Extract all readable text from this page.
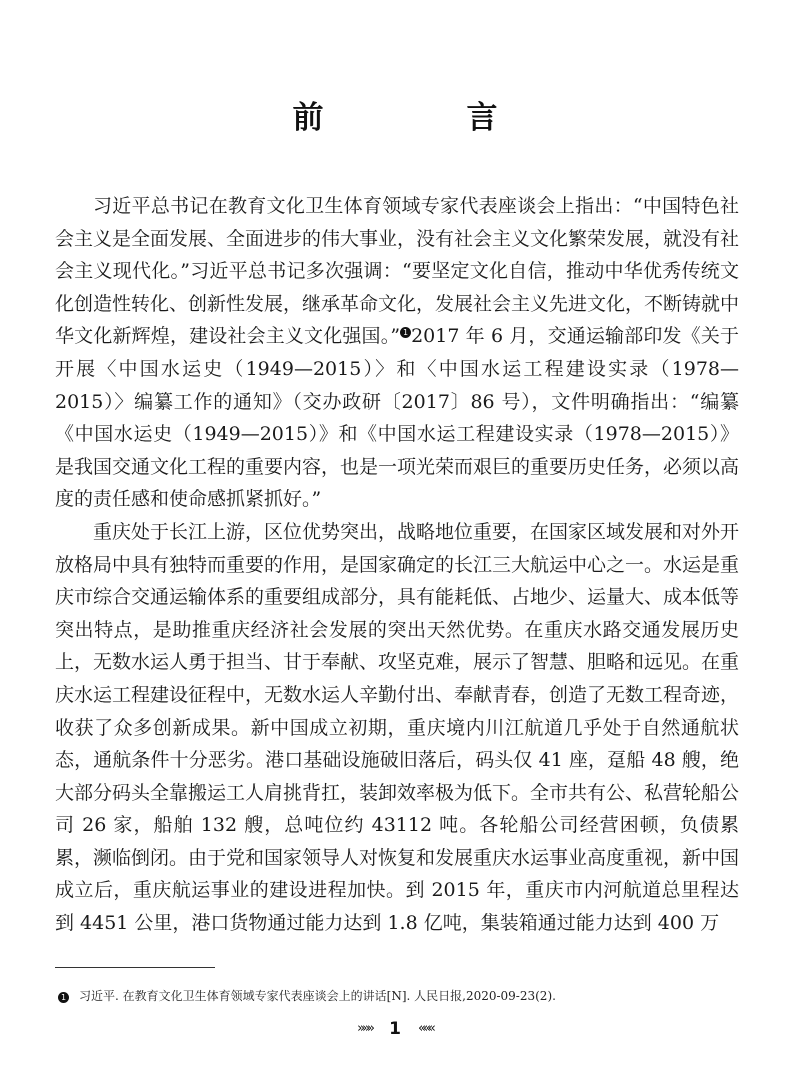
前　言

习近平总书记在教育文化卫生体育领域专家代表座谈会上指出：“中国特色社会主义是全面发展、全面进步的伟大事业，没有社会主义文化繁荣发展，就没有社会主义现代化。”习近平总书记多次强调：“要坚定文化自信，推动中华优秀传统文化创造性转化、创新性发展，继承革命文化，发展社会主义先进文化，不断铸就中华文化新辉煌，建设社会主义文化强国。” 1 2017 年 6 月，交通运输部印发《关于开展〈中国水运史（1949—2015）〉和〈中国水运工程建设实录（1978—2015）〉编纂工作的通知》（交办政研〔2017〕86 号），文件明确指出：“编纂《中国水运史（1949—2015）》和《中国水运工程建设实录（1978—2015）》是我国交通文化工程的重要内容，也是一项光荣而艰巨的重要历史任务，必须以高度的责任感和使命感抓紧抓好。”

重庆处于长江上游，区位优势突出，战略地位重要，在国家区域发展和对外开放格局中具有独特而重要的作用，是国家确定的长江三大航运中心之一。水运是重庆市综合交通运输体系的重要组成部分，具有能耗低、占地少、运量大、成本低等突出特点，是助推重庆经济社会发展的突出天然优势。在重庆水路交通发展历史上，无数水运人勇于担当、甘于奉献、攻坚克难，展示了智慧、胆略和远见。在重庆水运工程建设征程中，无数水运人辛勤付出、奉献青春，创造了无数工程奇迹，收获了众多创新成果。新中国成立初期，重庆境内川江航道几乎处于自然通航状态，通航条件十分恶劣。港口基础设施破旧落后，码头仅 41 座，趸船 48 艘，绝大部分码头全靠搬运工人肩挑背扛，装卸效率极为低下。全市共有公、私营轮船公司 26 家，船舶 132 艘，总吨位约 43112 吨。各轮船公司经营困顿，负债累累，濒临倒闭。由于党和国家领导人对恢复和发展重庆水运事业高度重视，新中国成立后，重庆航运事业的建设进程加快。到 2015 年，重庆市内河航道总里程达到 4451 公里，港口货物通过能力达到 1.8 亿吨，集装箱通过能力达到 400 万

1 习近平. 在教育文化卫生体育领域专家代表座谈会上的讲话[N]. 人民日报,2020-09-23(2).
»»» 1 «««
